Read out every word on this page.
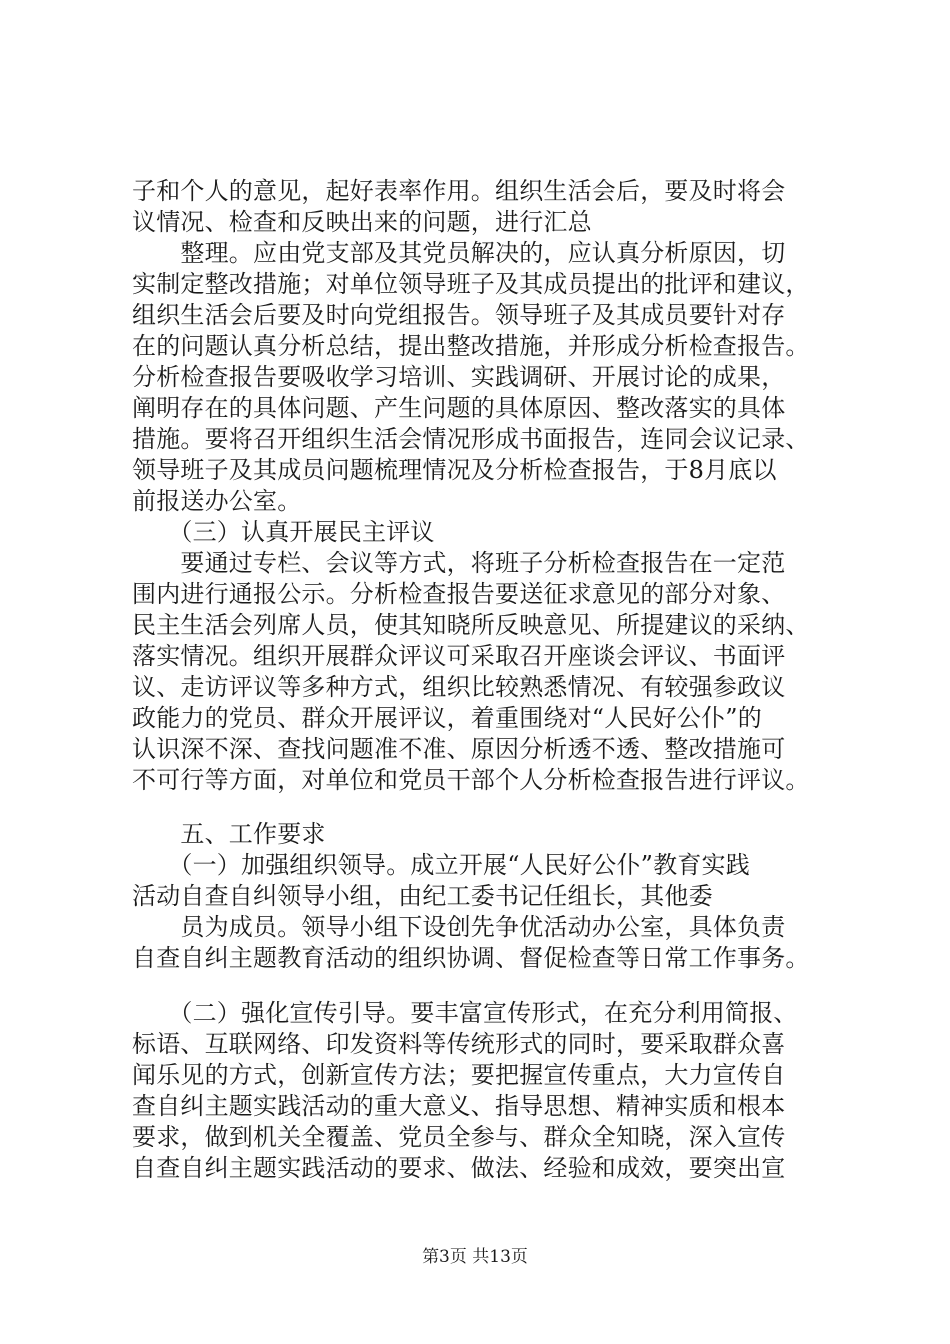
子和个人的意见，起好表率作用。组织生活会后，要及时将会
议情况、检查和反映出来的问题，进行汇总
　　整理。应由党支部及其党员解决的，应认真分析原因，切
实制定整改措施；对单位领导班子及其成员提出的批评和建议，
组织生活会后要及时向党组报告。领导班子及其成员要针对存
在的问题认真分析总结，提出整改措施，并形成分析检查报告。
分析检查报告要吸收学习培训、实践调研、开展讨论的成果，
阐明存在的具体问题、产生问题的具体原因、整改落实的具体
措施。要将召开组织生活会情况形成书面报告，连同会议记录、
领导班子及其成员问题梳理情况及分析检查报告，于8月底以
前报送办公室。
　　（三）认真开展民主评议
　　要通过专栏、会议等方式，将班子分析检查报告在一定范
围内进行通报公示。分析检查报告要送征求意见的部分对象、
民主生活会列席人员，使其知晓所反映意见、所提建议的采纳、
落实情况。组织开展群众评议可采取召开座谈会评议、书面评
议、走访评议等多种方式，组织比较熟悉情况、有较强参政议
政能力的党员、群众开展评议，着重围绕对“人民好公仆”的
认识深不深、查找问题准不准、原因分析透不透、整改措施可
不可行等方面，对单位和党员干部个人分析检查报告进行评议。
　　五、工作要求
　　（一）加强组织领导。成立开展“人民好公仆”教育实践
活动自查自纠领导小组，由纪工委书记任组长，其他委
　　员为成员。领导小组下设创先争优活动办公室，具体负责
自查自纠主题教育活动的组织协调、督促检查等日常工作事务。
　　（二）强化宣传引导。要丰富宣传形式，在充分利用简报、
标语、互联网络、印发资料等传统形式的同时，要采取群众喜
闻乐见的方式，创新宣传方法；要把握宣传重点，大力宣传自
查自纠主题实践活动的重大意义、指导思想、精神实质和根本
要求，做到机关全覆盖、党员全参与、群众全知晓，深入宣传
自查自纠主题实践活动的要求、做法、经验和成效，要突出宣
第3页 共13页
